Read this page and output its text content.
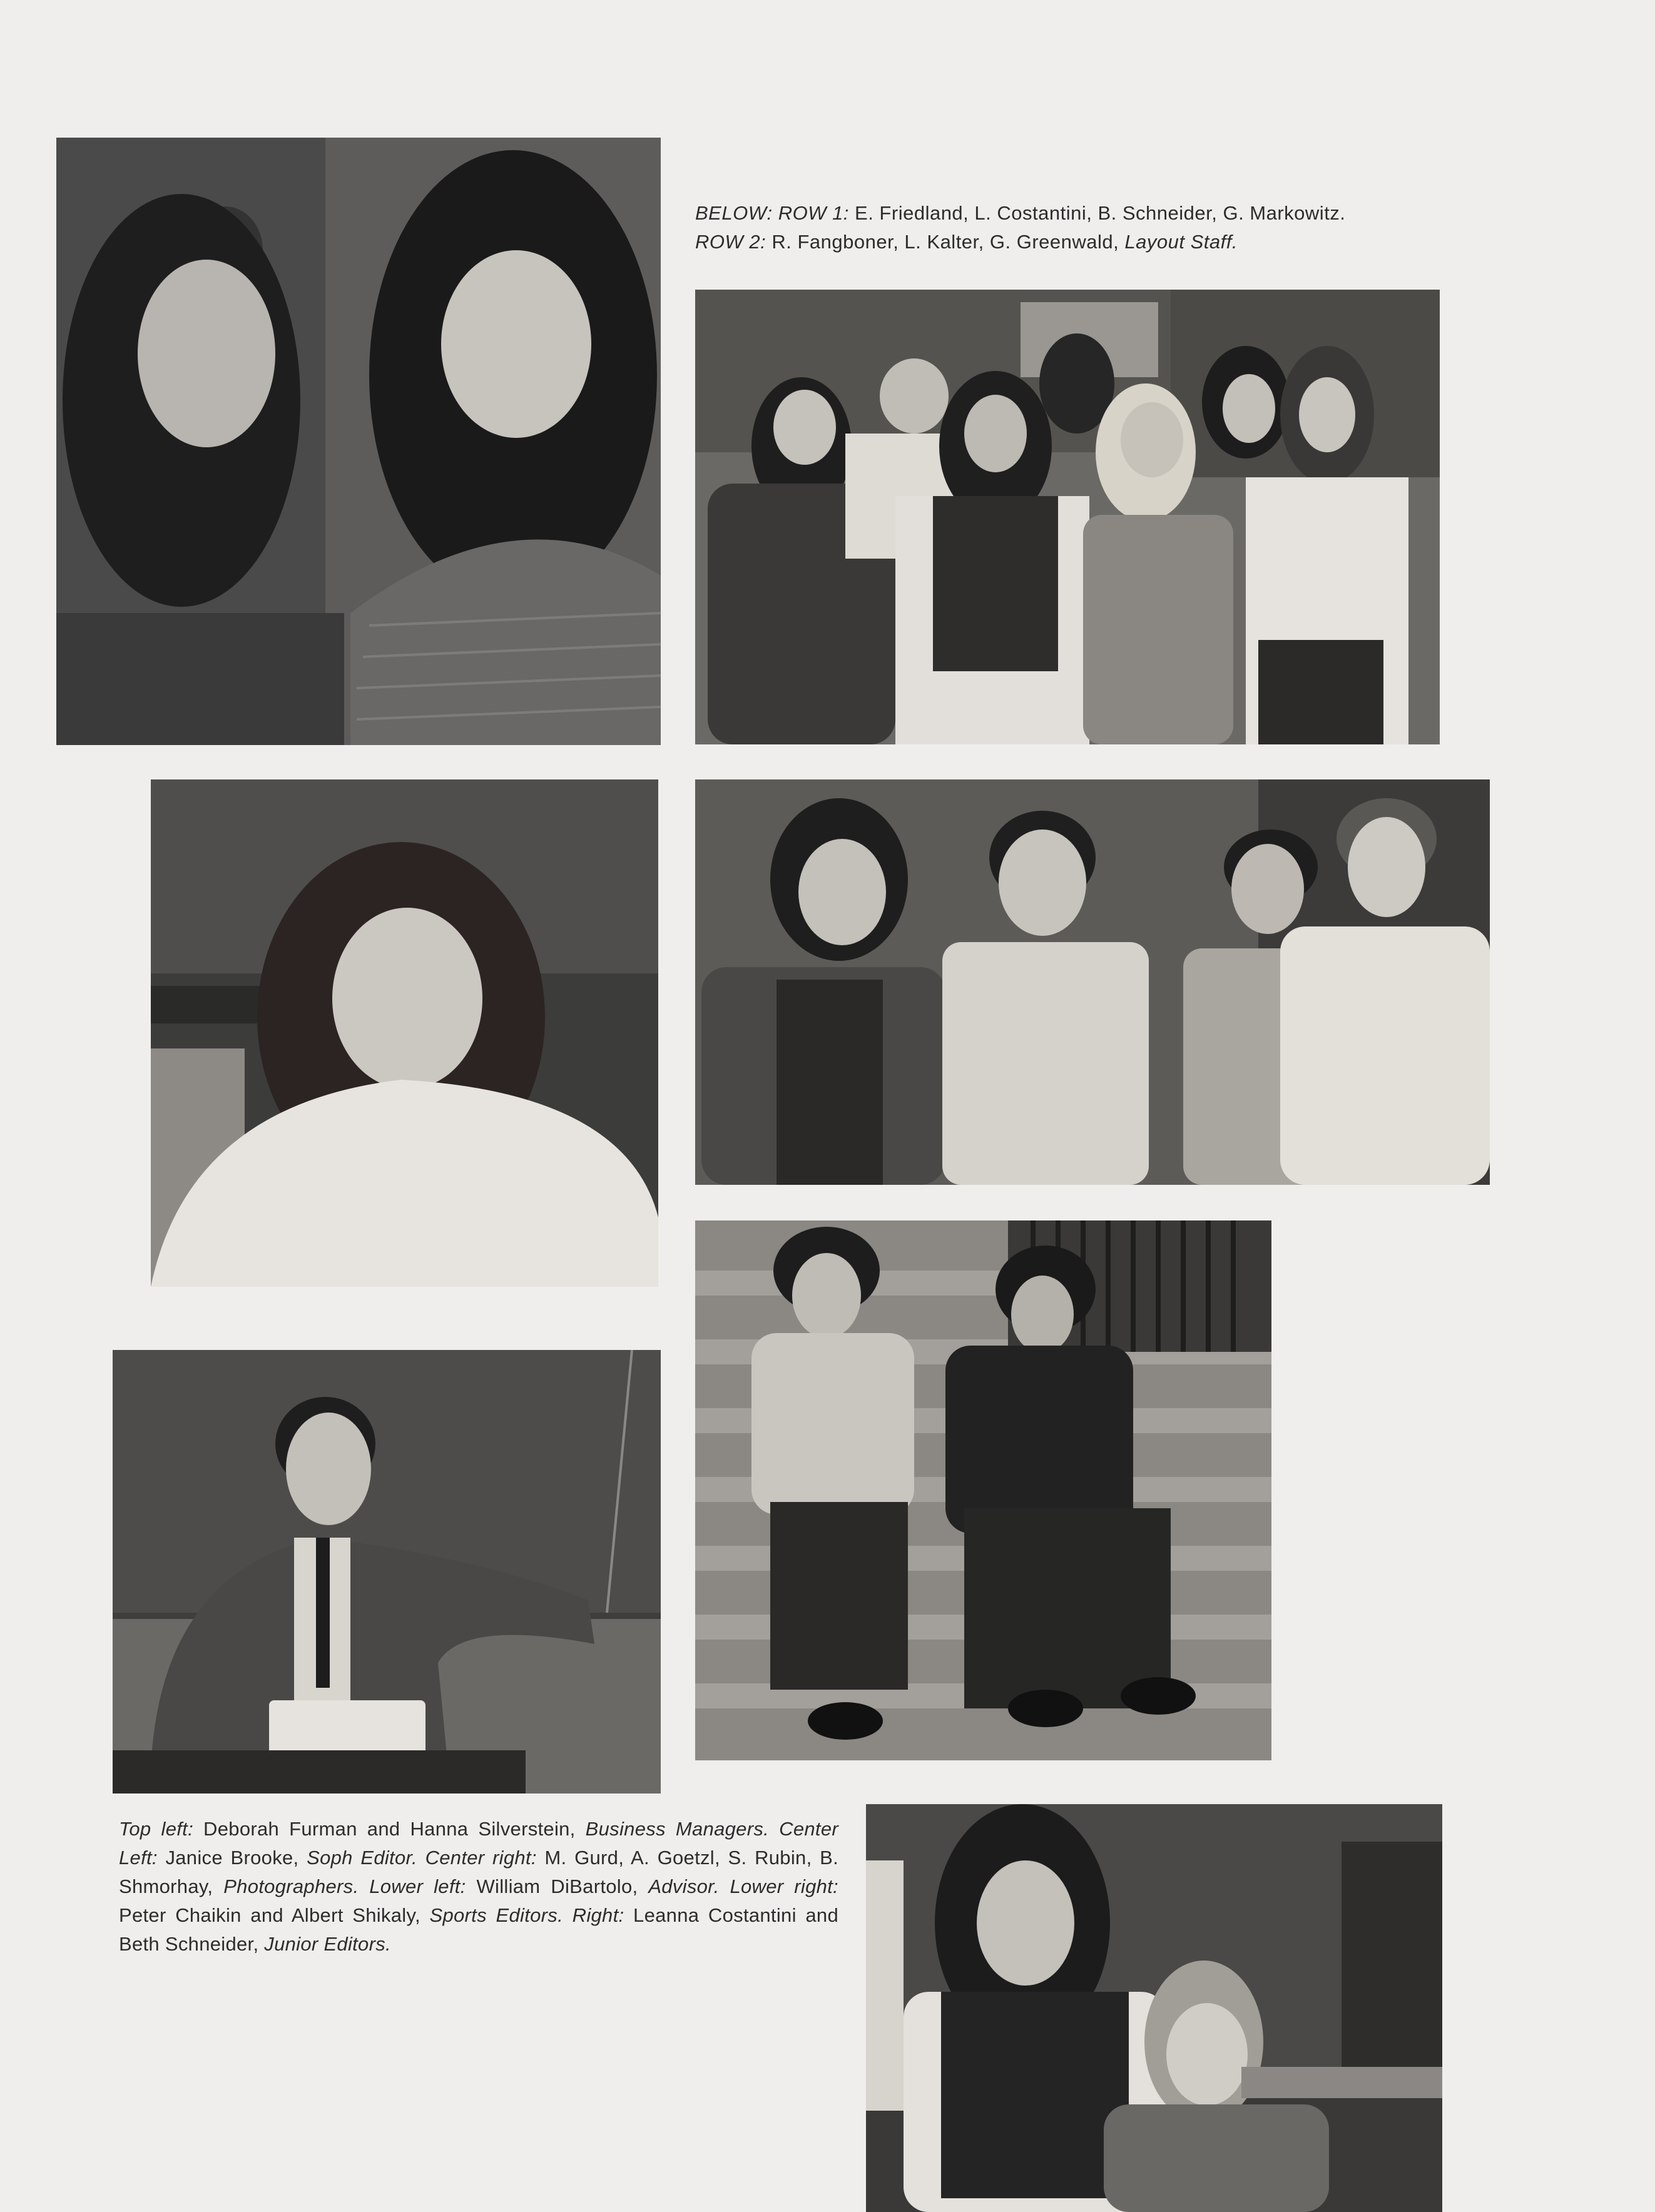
BELOW: ROW 1: E. Friedland, L. Costantini, B. Schneider, G. Markowitz.
ROW 2: R. Fangboner, L. Kalter, G. Greenwald, Layout Staff.
Top left: Deborah Furman and Hanna Silverstein, Business Managers. Center Left: Janice Brooke, Soph Editor. Center right: M. Gurd, A. Goetzl, S. Rubin, B. Shmorhay, Photographers. Lower left: William DiBartolo, Advisor. Lower right: Peter Chaikin and Albert Shikaly, Sports Editors. Right: Leanna Costantini and Beth Schneider, Junior Editors.
